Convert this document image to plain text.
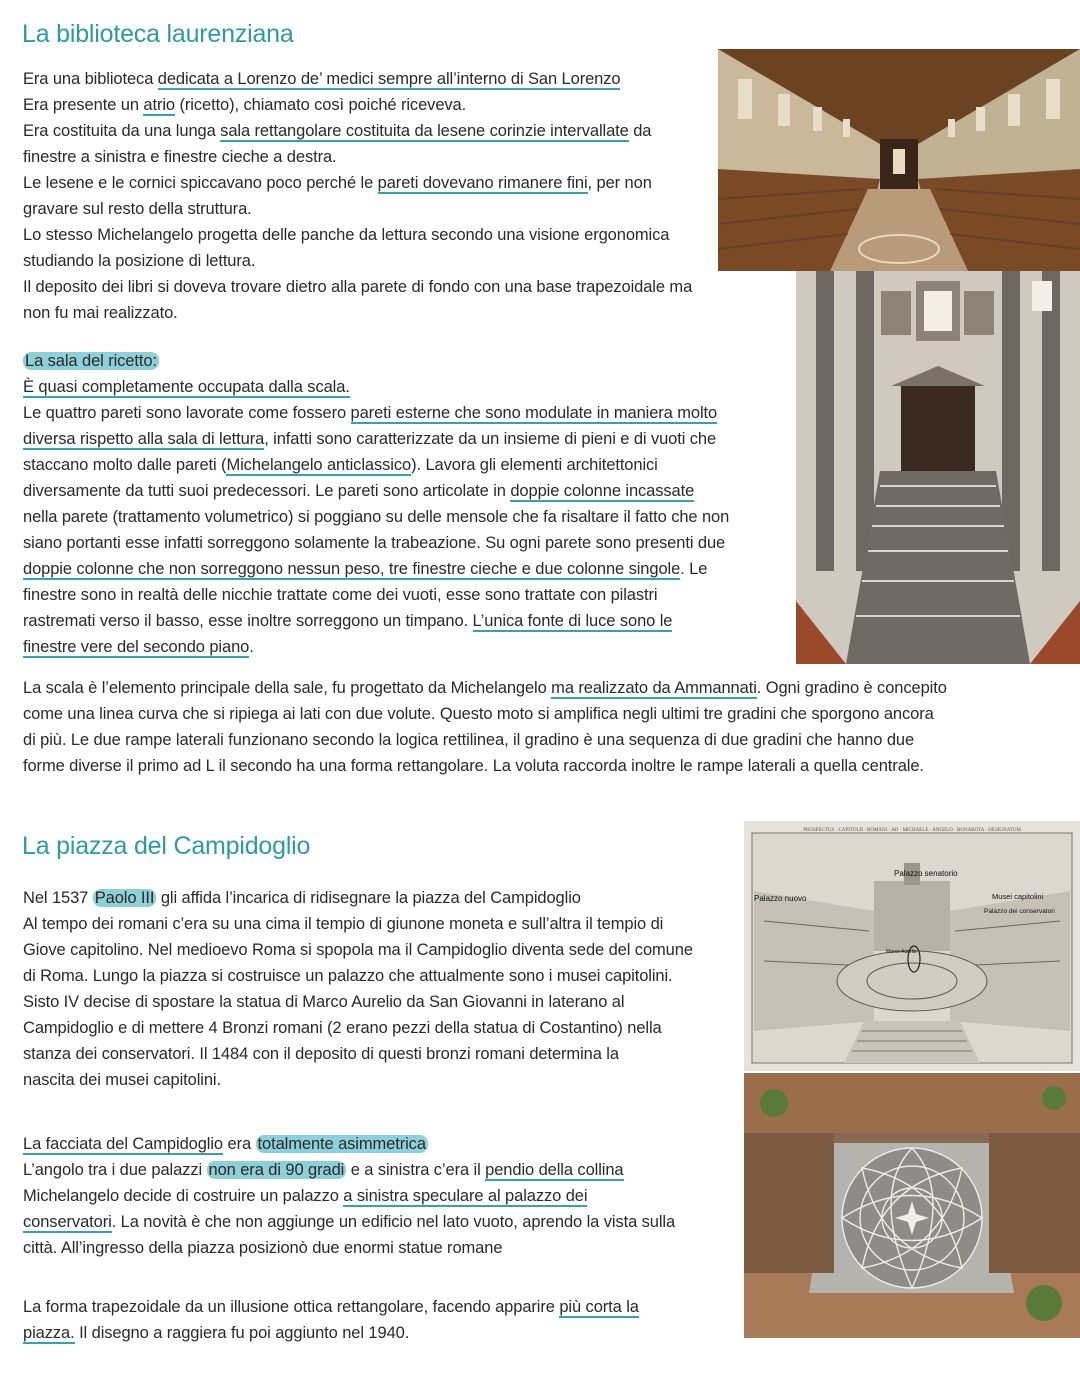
La biblioteca laurenziana
Era una biblioteca dedicata a Lorenzo de’ medici sempre all’interno di San Lorenzo
Era presente un atrio (ricetto), chiamato così poiché riceveva.
Era costituita da una lunga sala rettangolare costituita da lesene corinzie intervallate da
finestre a sinistra e finestre cieche a destra.
Le lesene e le cornici spiccavano poco perché le pareti dovevano rimanere fini, per non
gravare sul resto della struttura.
Lo stesso Michelangelo progetta delle panche da lettura secondo una visione ergonomica
studiando la posizione di lettura.
Il deposito dei libri si doveva trovare dietro alla parete di fondo con una base trapezoidale ma
non fu mai realizzato.
La sala del ricetto:
È quasi completamente occupata dalla scala.
Le quattro pareti sono lavorate come fossero pareti esterne che sono modulate in maniera molto
diversa rispetto alla sala di lettura, infatti sono caratterizzate da un insieme di pieni e di vuoti che
staccano molto dalle pareti (Michelangelo anticlassico). Lavora gli elementi architettonici
diversamente da tutti suoi predecessori. Le pareti sono articolate in doppie colonne incassate
nella parete (trattamento volumetrico) si poggiano su delle mensole che fa risaltare il fatto che non
siano portanti esse infatti sorreggono solamente la trabeazione. Su ogni parete sono presenti due
doppie colonne che non sorreggono nessun peso, tre finestre cieche e due colonne singole. Le
finestre sono in realtà delle nicchie trattate come dei vuoti, esse sono trattate con pilastri
rastremati verso il basso, esse inoltre sorreggono un timpano. L’unica fonte di luce sono le
finestre vere del secondo piano.
La scala è l’elemento principale della sale, fu progettato da Michelangelo ma realizzato da Ammannati. Ogni gradino è concepito
come una linea curva che si ripiega ai lati con due volute. Questo moto si amplifica negli ultimi tre gradini che sporgono ancora
di più. Le due rampe laterali funzionano secondo la logica rettilinea, il gradino è una sequenza di due gradini che hanno due
forme diverse il primo ad L il secondo ha una forma rettangolare. La voluta raccorda inoltre le rampe laterali a quella centrale.
La piazza del Campidoglio
Nel 1537 Paolo III gli affida l’incarica di ridisegnare la piazza del Campidoglio
Al tempo dei romani c’era su una cima il tempio di giunone moneta e sull’altra il tempio di
Giove capitolino. Nel medioevo Roma si spopola ma il Campidoglio diventa sede del comune
di Roma. Lungo la piazza si costruisce un palazzo che attualmente sono i musei capitolini.
Sisto IV decise di spostare la statua di Marco Aurelio da San Giovanni in laterano al
Campidoglio e di mettere 4 Bronzi romani (2 erano pezzi della statua di Costantino) nella
stanza dei conservatori. Il 1484 con il deposito di questi bronzi romani determina la
nascita dei musei capitolini.
La facciata del Campidoglio era totalmente asimmetrica
L’angolo tra i due palazzi non era di 90 gradi e a sinistra c’era il pendio della collina
Michelangelo decide di costruire un palazzo a sinistra speculare al palazzo dei
conservatori. La novità è che non aggiunge un edificio nel lato vuoto, aprendo la vista sulla
città. All’ingresso della piazza posizionò due enormi statue romane
La forma trapezoidale da un illusione ottica rettangolare, facendo apparire più corta la
piazza. Il disegno a raggiera fu poi aggiunto nel 1940.
PROSPECTUS · CAPITOLII · ROMANI · AD · MICHAELE · ANGELO · BONAROTA · DESIGNATUM
Palazzo senatorio
Palazzo nuovo	Musei capitolini
Palazzo dei conservatori
Marco Aurelio
